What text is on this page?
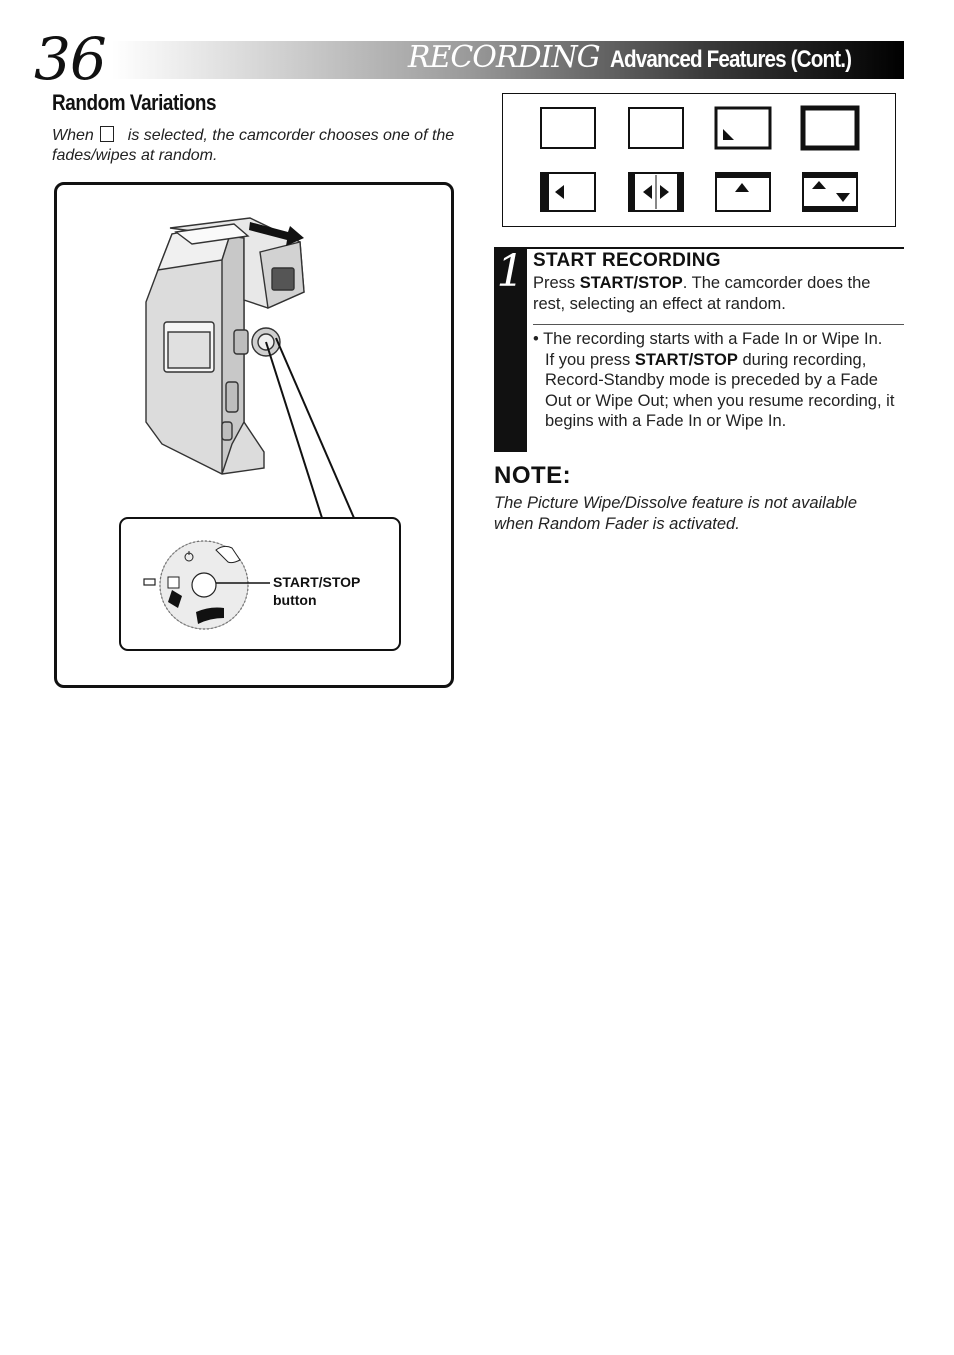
36	RECORDING Advanced Features (Cont.)
Random Variations
When is selected, the camcorder chooses one of the fades/wipes at random.
START/STOP
button
1 START RECORDING
Press START/STOP. The camcorder does the rest, selecting an effect at random.
• The recording starts with a Fade In or Wipe In. If you press START/STOP during recording, Record-Standby mode is preceded by a Fade Out or Wipe Out; when you resume recording, it begins with a Fade In or Wipe In.
NOTE:
The Picture Wipe/Dissolve feature is not available when Random Fader is activated.
